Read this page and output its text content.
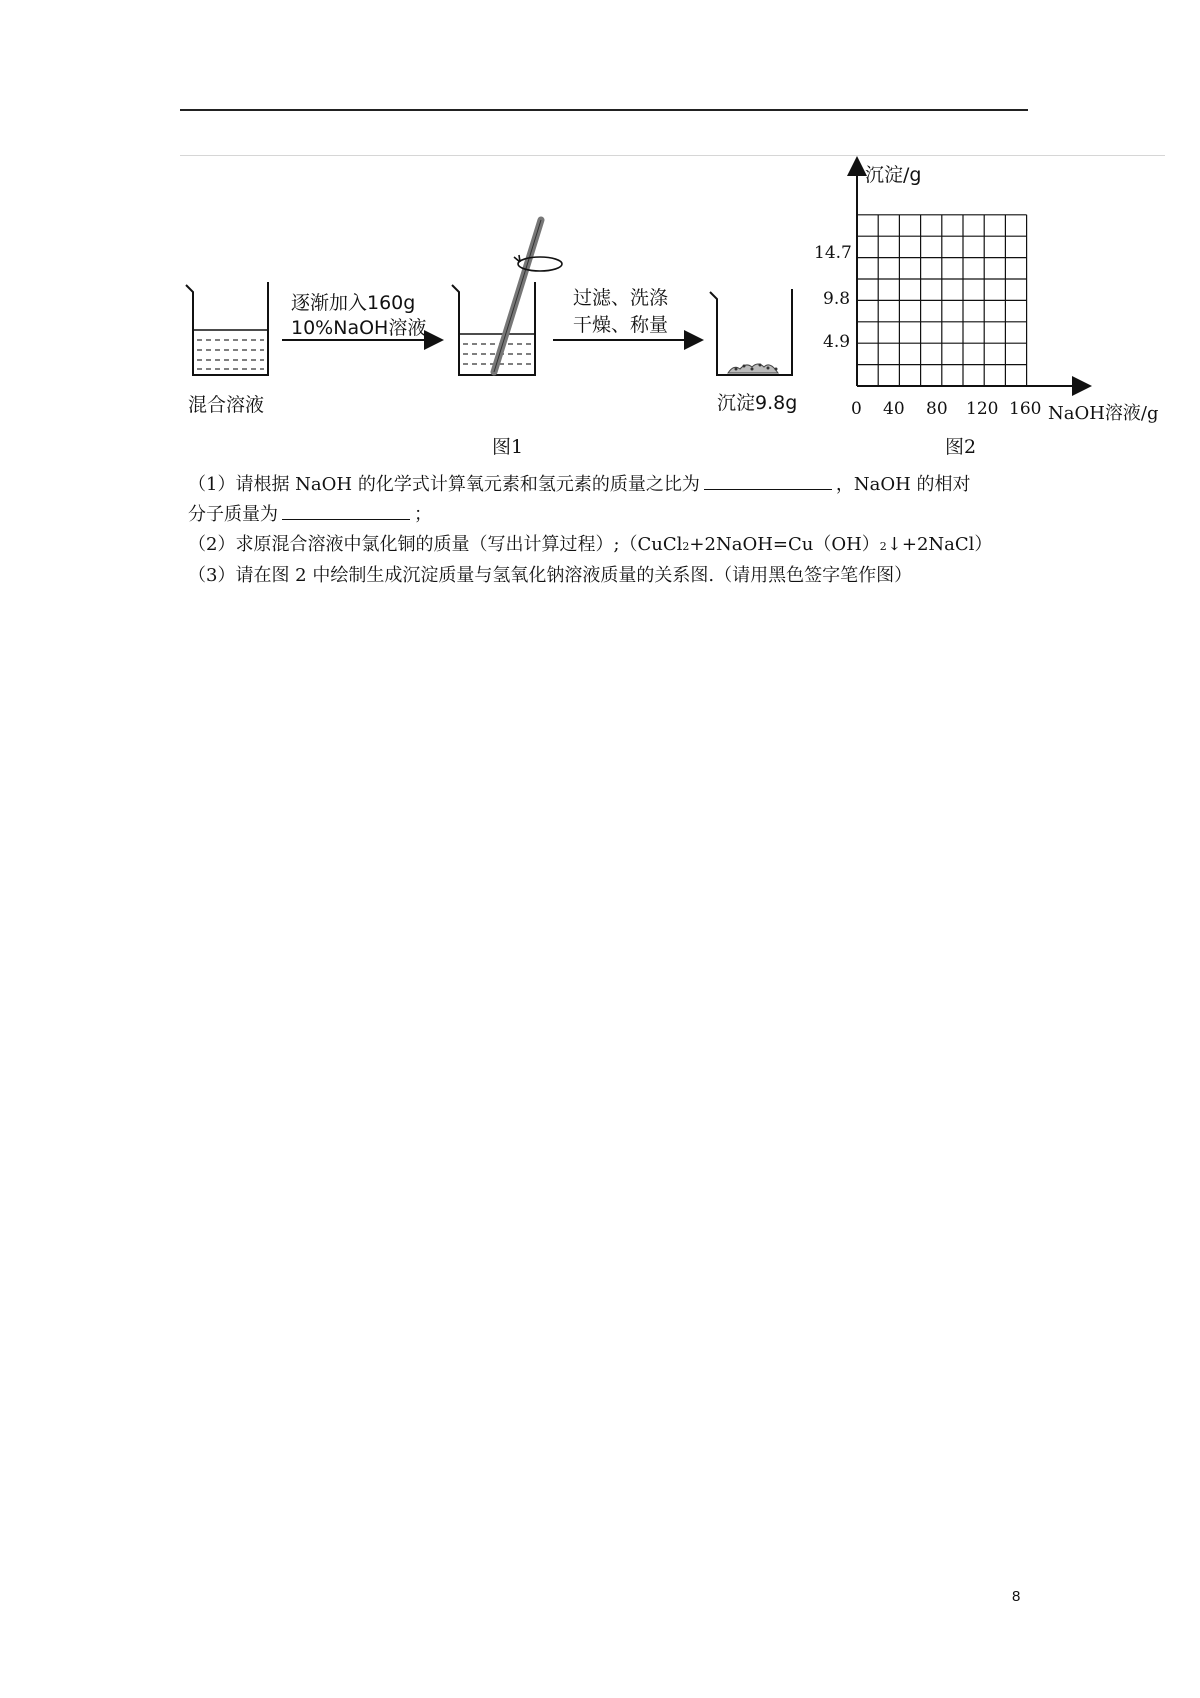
混合溶液
逐渐加入160g
10%NaOH溶液
过滤、洗涤
干燥、称量
沉淀9.8g
图1
沉淀/g
NaOH溶液/g
0 40 80 120 160
4.9
9.8
14.7
图2
（1）请根据 NaOH 的化学式计算氧元素和氢元素的质量之比为	，NaOH 的相对
分子质量为	；
（2）求原混合溶液中氯化铜的质量（写出计算过程）;（CuCl2+2NaOH=Cu（OH）2↓+2NaCl）
（3）请在图 2 中绘制生成沉淀质量与氢氧化钠溶液质量的关系图.（请用黑色签字笔作图）
8
